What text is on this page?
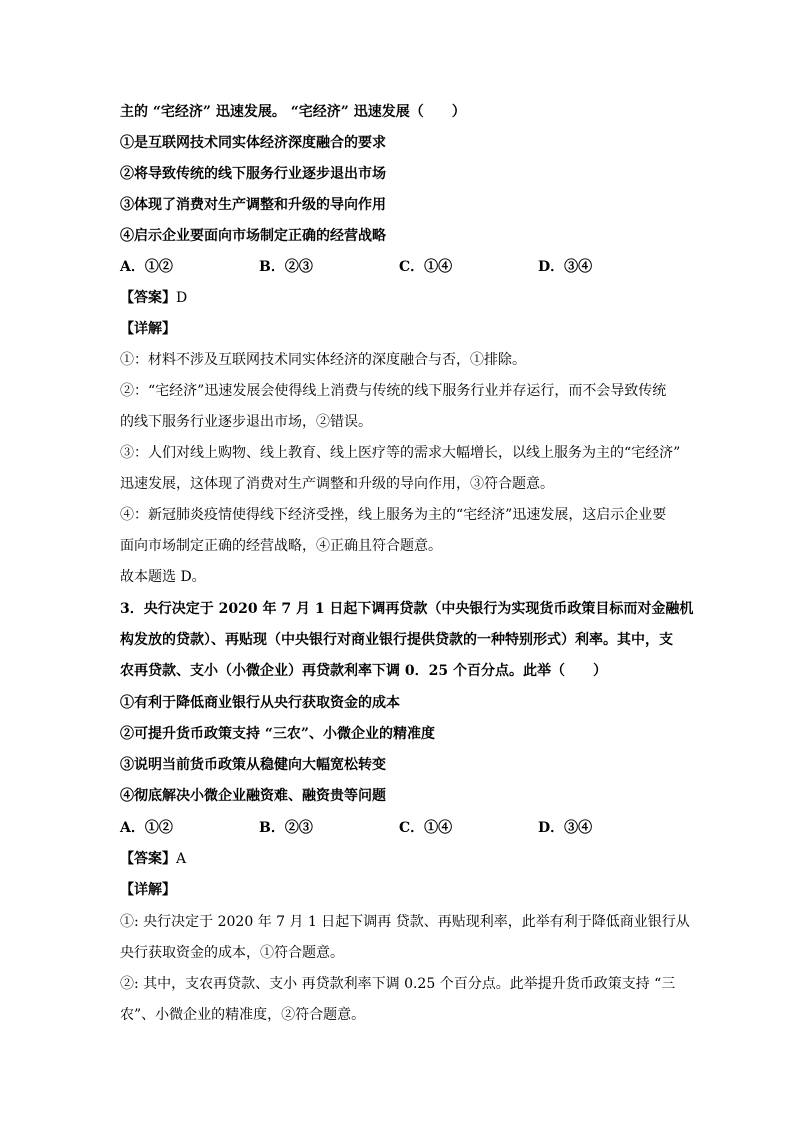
主的 “宅经济” 迅速发展。 “宅经济” 迅速发展（　　）
①是互联网技术同实体经济深度融合的要求
②将导致传统的线下服务行业逐步退出市场
③体现了消费对生产调整和升级的导向作用
④启示企业要面向市场制定正确的经营战略
A．①②	B．②③	C．①④	D．③④
【答案】D
【详解】
①：材料不涉及互联网技术同实体经济的深度融合与否，①排除。
②：“宅经济”迅速发展会使得线上消费与传统的线下服务行业并存运行，而不会导致传统
的线下服务行业逐步退出市场，②错误。
③：人们对线上购物、线上教育、线上医疗等的需求大幅增长，以线上服务为主的“宅经济”
迅速发展，这体现了消费对生产调整和升级的导向作用，③符合题意。
④：新冠肺炎疫情使得线下经济受挫，线上服务为主的“宅经济”迅速发展，这启示企业要
面向市场制定正确的经营战略，④正确且符合题意。
故本题选 D。
3．央行决定于 2020 年 7 月 1 日起下调再贷款（中央银行为实现货币政策目标而对金融机
构发放的贷款）、再贴现（中央银行对商业银行提供贷款的一种特别形式）利率。其中，支
农再贷款、支小（小微企业）再贷款利率下调 0．25 个百分点。此举（　　）
①有利于降低商业银行从央行获取资金的成本
②可提升货币政策支持 “三农”、小微企业的精准度
③说明当前货币政策从稳健向大幅宽松转变
④彻底解决小微企业融资难、融资贵等问题
A．①②	B．②③	C．①④	D．③④
【答案】A
【详解】
①: 央行决定于 2020 年 7 月 1 日起下调再 贷款、再贴现利率，此举有利于降低商业银行从
央行获取资金的成本，①符合题意。
②: 其中，支农再贷款、支小 再贷款利率下调 0.25 个百分点。此举提升货币政策支持 “三
农”、小微企业的精准度，②符合题意。
